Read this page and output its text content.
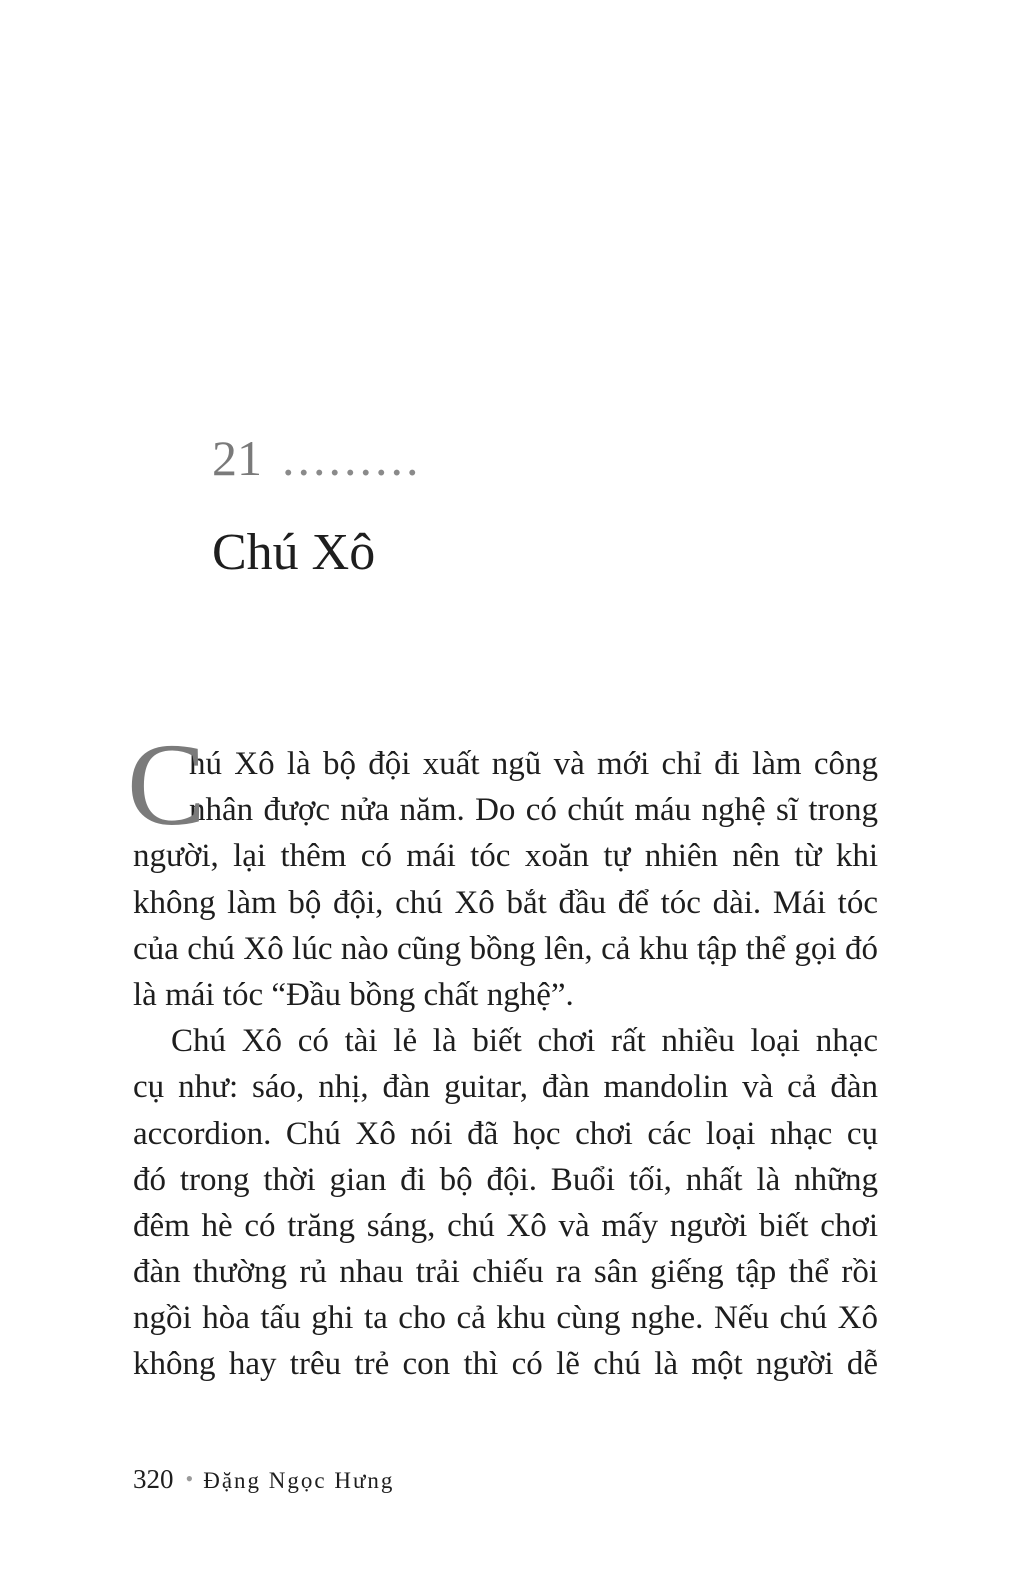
21 .........
Chú Xô
C
hú Xô là bộ đội xuất ngũ và mới chỉ đi làm công
nhân được nửa năm. Do có chút máu nghệ sĩ trong
người, lại thêm có mái tóc xoăn tự nhiên nên từ khi
không làm bộ đội, chú Xô bắt đầu để tóc dài. Mái tóc
của chú Xô lúc nào cũng bồng lên, cả khu tập thể gọi đó
là mái tóc “Đầu bồng chất nghệ”.
Chú Xô có tài lẻ là biết chơi rất nhiều loại nhạc
cụ như: sáo, nhị, đàn guitar, đàn mandolin và cả đàn
accordion. Chú Xô nói đã học chơi các loại nhạc cụ
đó trong thời gian đi bộ đội. Buổi tối, nhất là những
đêm hè có trăng sáng, chú Xô và mấy người biết chơi
đàn thường rủ nhau trải chiếu ra sân giếng tập thể rồi
ngồi hòa tấu ghi ta cho cả khu cùng nghe. Nếu chú Xô
không hay trêu trẻ con thì có lẽ chú là một người dễ
320 • Đặng Ngọc Hưng
